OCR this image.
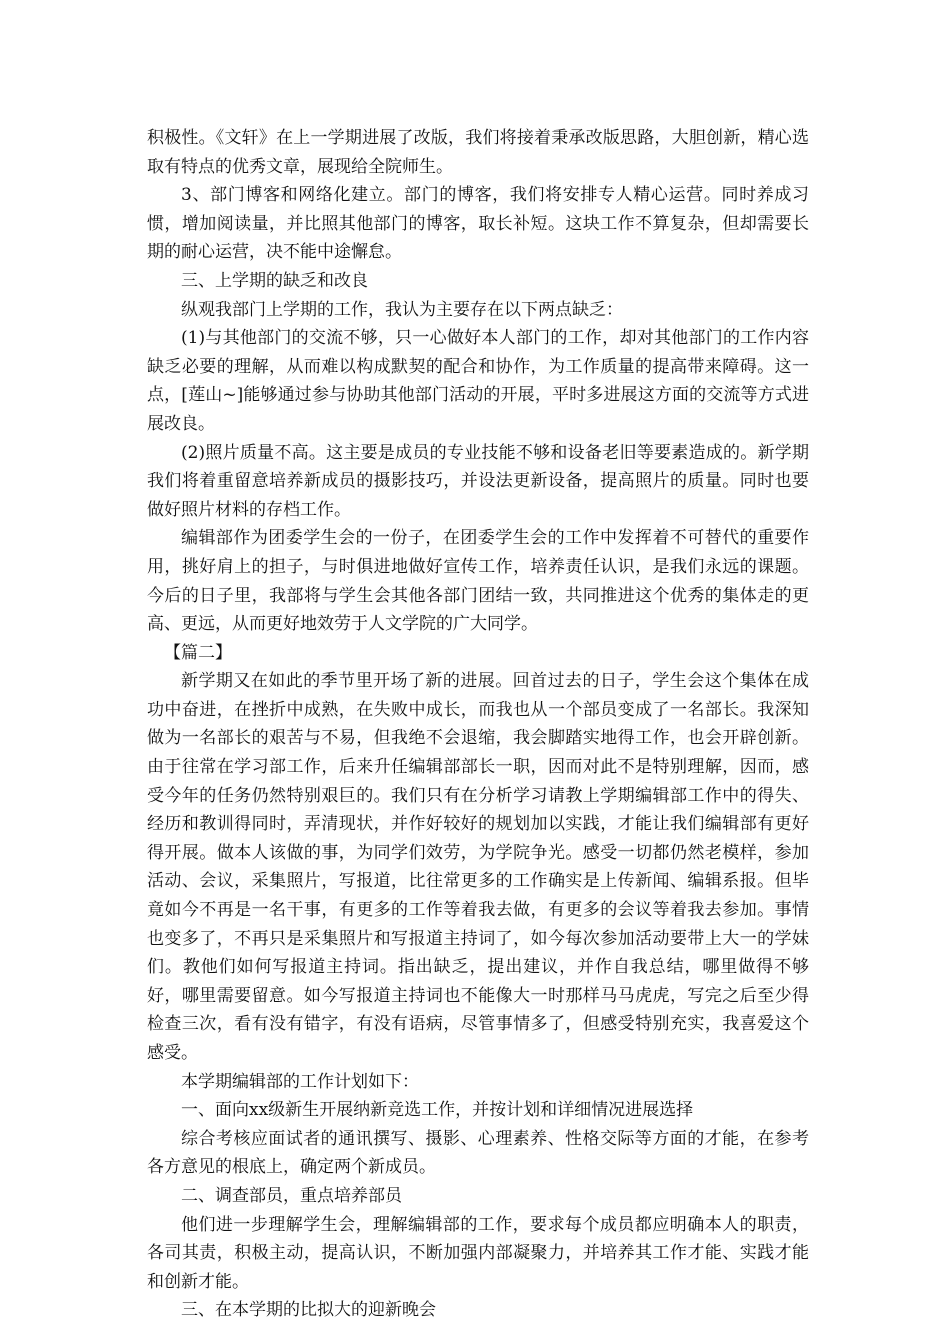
积极性。《文轩》在上一学期进展了改版，我们将接着秉承改版思路，大胆创新，精心选取有特点的优秀文章，展现给全院师生。

3、部门博客和网络化建立。部门的博客，我们将安排专人精心运营。同时养成习惯，增加阅读量，并比照其他部门的博客，取长补短。这块工作不算复杂，但却需要长期的耐心运营，决不能中途懈怠。

三、上学期的缺乏和改良

纵观我部门上学期的工作，我认为主要存在以下两点缺乏：

(1)与其他部门的交流不够，只一心做好本人部门的工作，却对其他部门的工作内容缺乏必要的理解，从而难以构成默契的配合和协作，为工作质量的提高带来障碍。这一点，[莲山~]能够通过参与协助其他部门活动的开展，平时多进展这方面的交流等方式进展改良。

(2)照片质量不高。这主要是成员的专业技能不够和设备老旧等要素造成的。新学期我们将着重留意培养新成员的摄影技巧，并设法更新设备，提高照片的质量。同时也要做好照片材料的存档工作。

编辑部作为团委学生会的一份子，在团委学生会的工作中发挥着不可替代的重要作用，挑好肩上的担子，与时俱进地做好宣传工作，培养责任认识，是我们永远的课题。今后的日子里，我部将与学生会其他各部门团结一致，共同推进这个优秀的集体走的更高、更远，从而更好地效劳于人文学院的广大同学。

【篇二】

新学期又在如此的季节里开场了新的进展。回首过去的日子，学生会这个集体在成功中奋进，在挫折中成熟，在失败中成长，而我也从一个部员变成了一名部长。我深知做为一名部长的艰苦与不易，但我绝不会退缩，我会脚踏实地得工作，也会开辟创新。由于往常在学习部工作，后来升任编辑部部长一职，因而对此不是特别理解，因而，感受今年的任务仍然特别艰巨的。我们只有在分析学习请教上学期编辑部工作中的得失、经历和教训得同时，弄清现状，并作好较好的规划加以实践，才能让我们编辑部有更好得开展。做本人该做的事，为同学们效劳，为学院争光。感受一切都仍然老模样，参加活动、会议，采集照片，写报道，比往常更多的工作确实是上传新闻、编辑系报。但毕竟如今不再是一名干事，有更多的工作等着我去做，有更多的会议等着我去参加。事情也变多了，不再只是采集照片和写报道主持词了，如今每次参加活动要带上大一的学妹们。教他们如何写报道主持词。指出缺乏，提出建议，并作自我总结，哪里做得不够好，哪里需要留意。如今写报道主持词也不能像大一时那样马马虎虎，写完之后至少得检查三次，看有没有错字，有没有语病，尽管事情多了，但感受特别充实，我喜爱这个感受。

本学期编辑部的工作计划如下：

一、面向xx级新生开展纳新竞选工作，并按计划和详细情况进展选择

综合考核应面试者的通讯撰写、摄影、心理素养、性格交际等方面的才能，在参考各方意见的根底上，确定两个新成员。

二、调查部员，重点培养部员

他们进一步理解学生会，理解编辑部的工作，要求每个成员都应明确本人的职责，各司其责，积极主动，提高认识，不断加强内部凝聚力，并培养其工作才能、实践才能和创新才能。

三、在本学期的比拟大的迎新晚会
